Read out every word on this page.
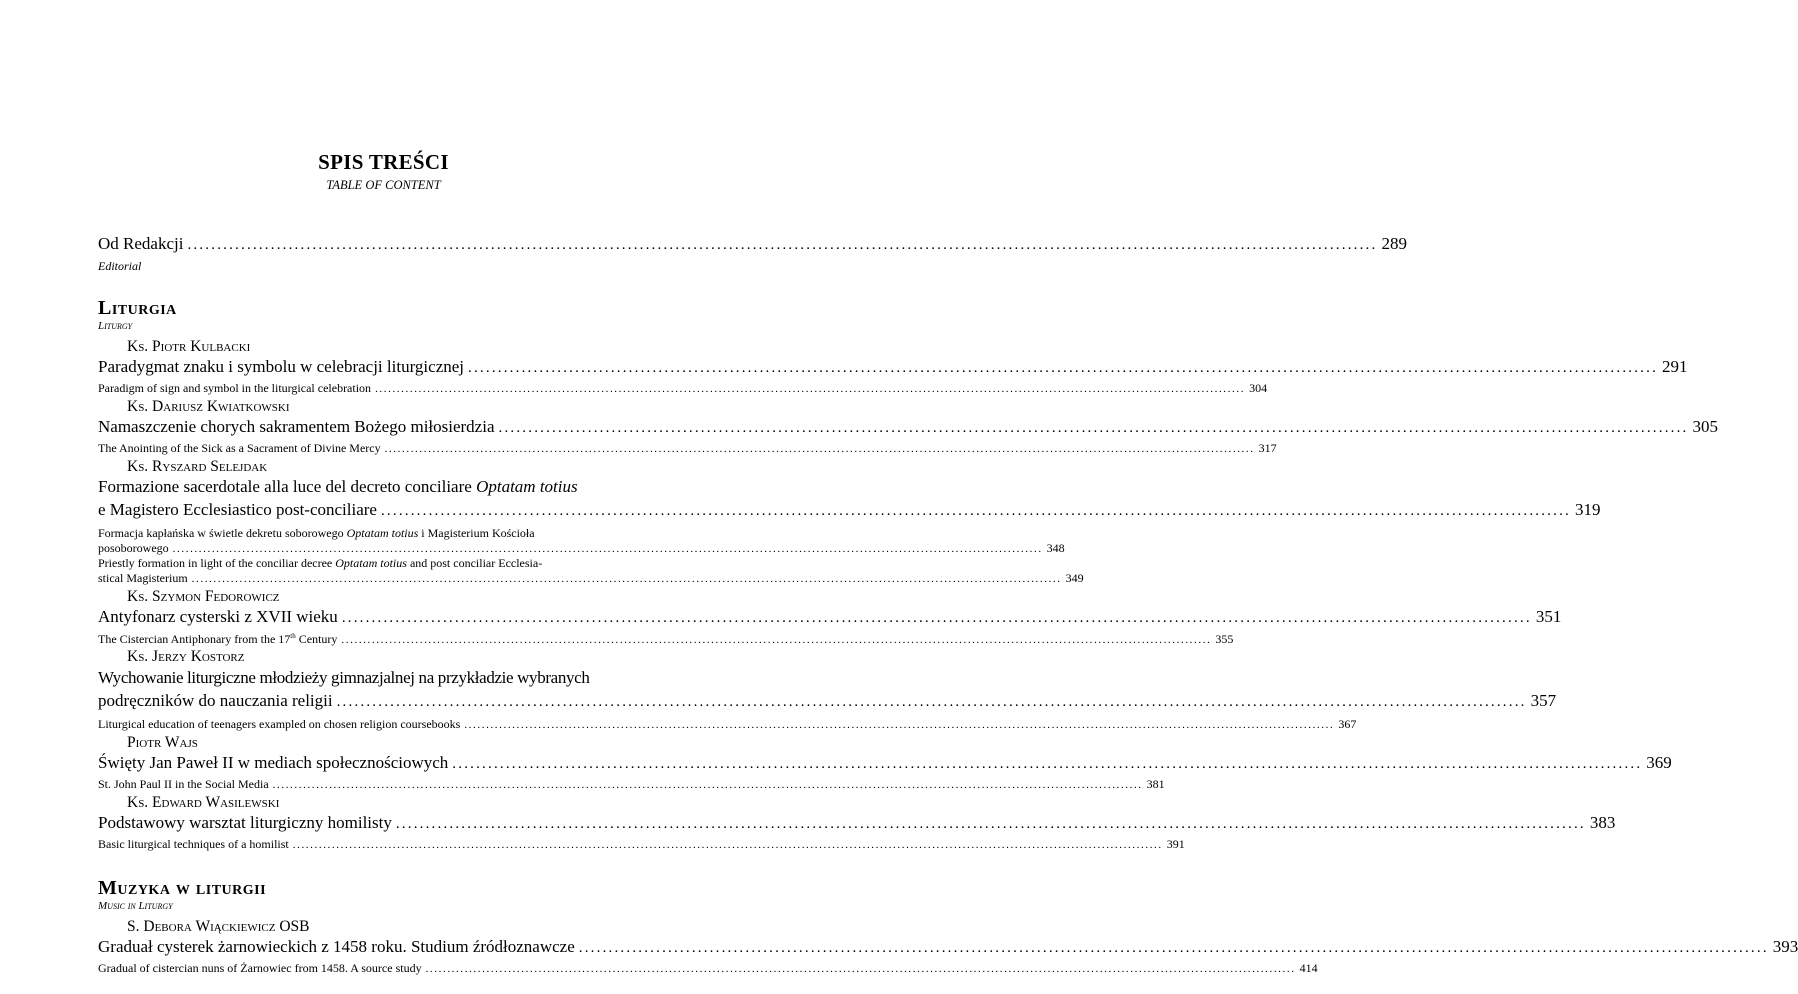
SPIS TREŚCI
TABLE OF CONTENT
Od Redakcji ........................................................................................................................................................................................................ 289
Editorial
Liturgia
Liturgy
Ks. Piotr Kulbacki
Paradygmat znaku i symbolu w celebracji liturgicznej ........................................................................................................................................................................................................ 291
Paradigm of sign and symbol in the liturgical celebration ........................................................................................................................................................................................................ 304
Ks. Dariusz Kwiatkowski
Namaszczenie chorych sakramentem Bożego miłosierdzia ........................................................................................................................................................................................................ 305
The Anointing of the Sick as a Sacrament of Divine Mercy ........................................................................................................................................................................................................ 317
Ks. Ryszard Selejdak
Formazione sacerdotale alla luce del decreto conciliare Optatam totius
e Magistero Ecclesiastico post-conciliare ........................................................................................................................................................................................................ 319
Formacja kapłańska w świetle dekretu soborowego Optatam totius i Magisterium Kościoła
posoborowego ........................................................................................................................................................................................................ 348
Priestly formation in light of the conciliar decree Optatam totius and post conciliar Ecclesia-
stical Magisterium ........................................................................................................................................................................................................ 349
Ks. Szymon Fedorowicz
Antyfonarz cysterski z XVII wieku ........................................................................................................................................................................................................ 351
The Cistercian Antiphonary from the 17th Century ........................................................................................................................................................................................................ 355
Ks. Jerzy Kostorz
Wychowanie liturgiczne młodzieży gimnazjalnej na przykładzie wybranych
podręczników do nauczania religii ........................................................................................................................................................................................................ 357
Liturgical education of teenagers exampled on chosen religion coursebooks ........................................................................................................................................................................................................ 367
Piotr Wajs
Święty Jan Paweł II w mediach społecznościowych ........................................................................................................................................................................................................ 369
St. John Paul II in the Social Media ........................................................................................................................................................................................................ 381
Ks. Edward Wasilewski
Podstawowy warsztat liturgiczny homilisty ........................................................................................................................................................................................................ 383
Basic liturgical techniques of a homilist ........................................................................................................................................................................................................ 391
Muzyka w liturgii
Music in Liturgy
S. Debora Wiąckiewicz OSB
Graduał cysterek żarnowieckich z 1458 roku. Studium źródłoznawcze ........................................................................................................................................................................................................ 393
Gradual of cistercian nuns of Żarnowiec from 1458. A source study ........................................................................................................................................................................................................ 414
